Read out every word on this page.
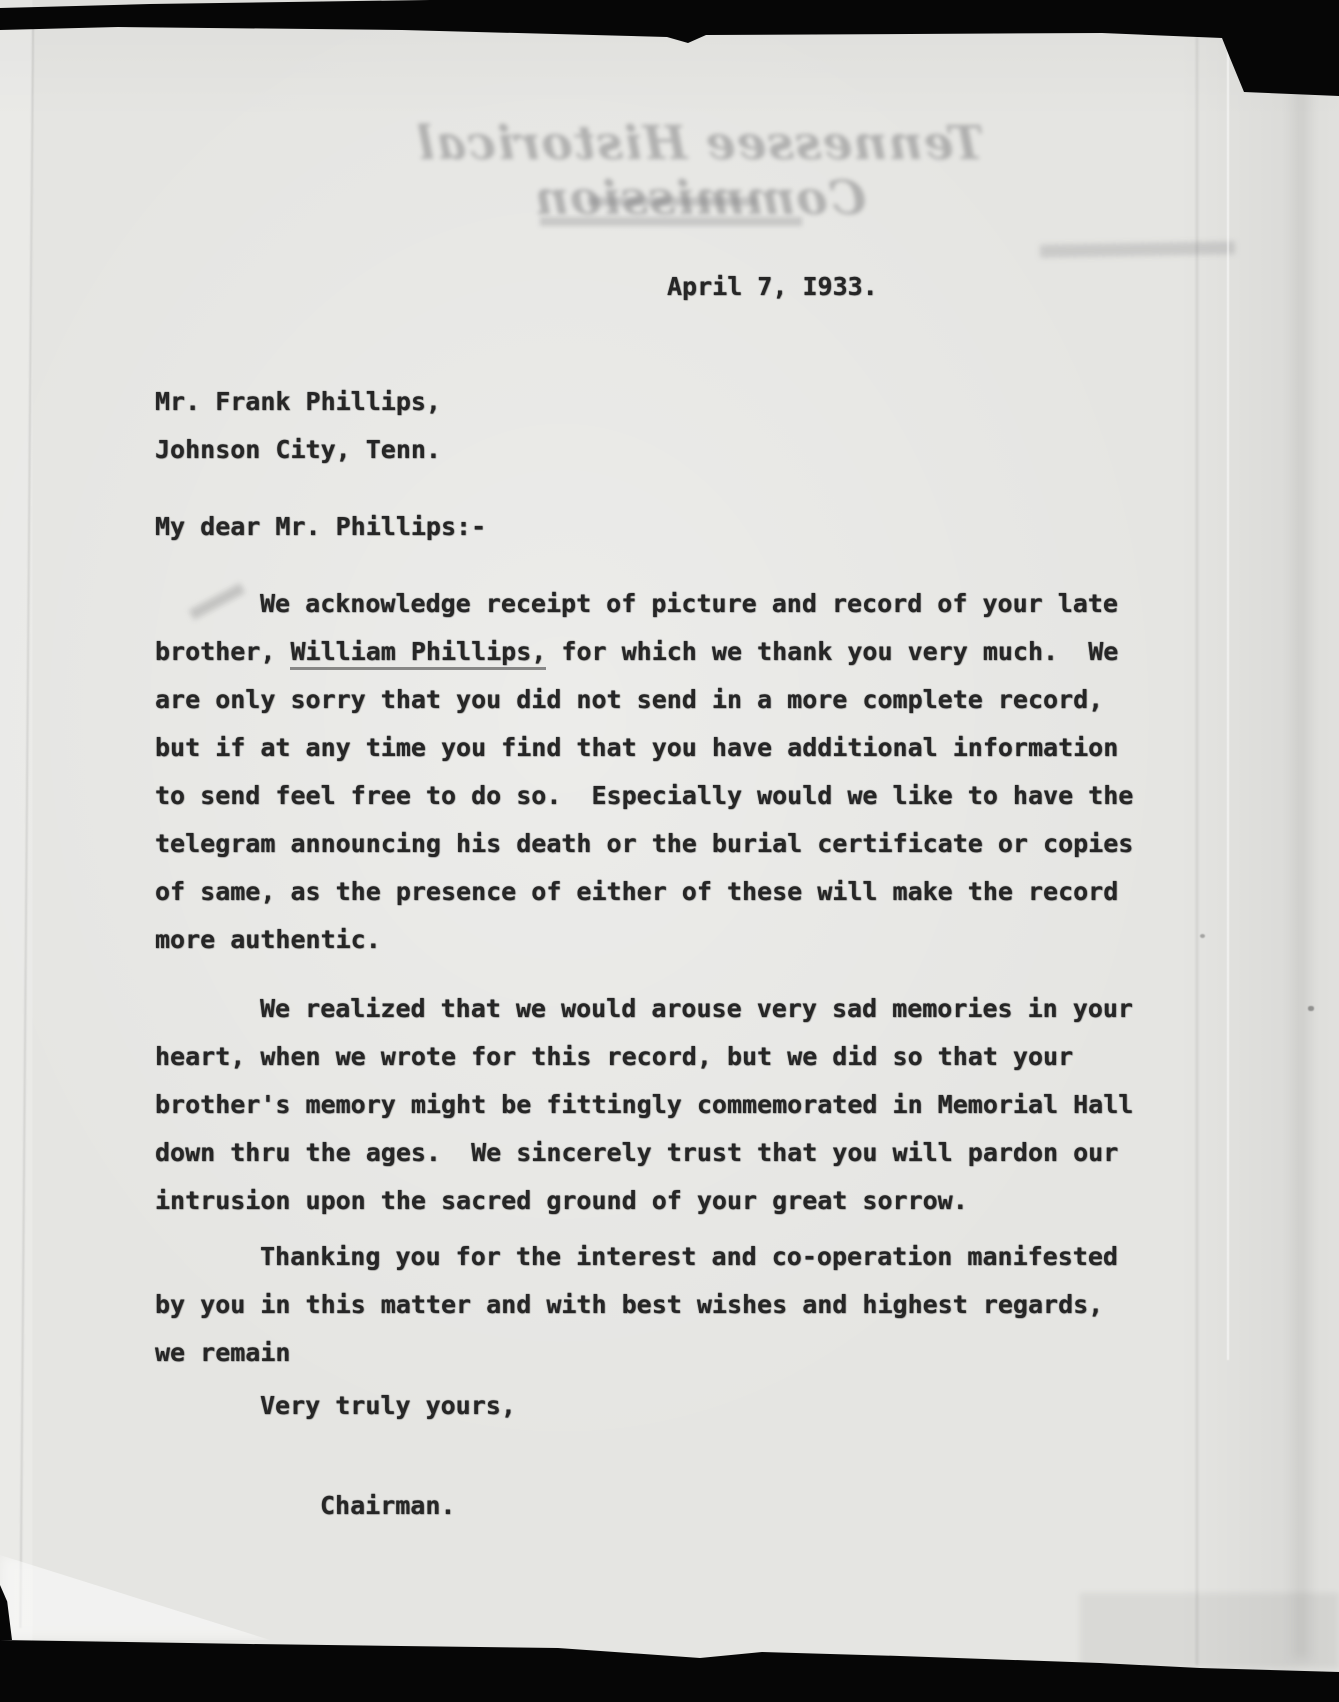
Tennessee Historical Commission
April 7, I933.
Mr. Frank Phillips,
Johnson City, Tenn.
My dear Mr. Phillips:-
We acknowledge receipt of picture and record of your late
brother, William Phillips, for which we thank you very much.  We
are only sorry that you did not send in a more complete record,
but if at any time you find that you have additional information
to send feel free to do so.  Especially would we like to have the
telegram announcing his death or the burial certificate or copies
of same, as the presence of either of these will make the record
more authentic.
We realized that we would arouse very sad memories in your
heart, when we wrote for this record, but we did so that your
brother's memory might be fittingly commemorated in Memorial Hall
down thru the ages.  We sincerely trust that you will pardon our
intrusion upon the sacred ground of your great sorrow.
Thanking you for the interest and co-operation manifested
by you in this matter and with best wishes and highest regards,
we remain
Very truly yours,
Chairman.
